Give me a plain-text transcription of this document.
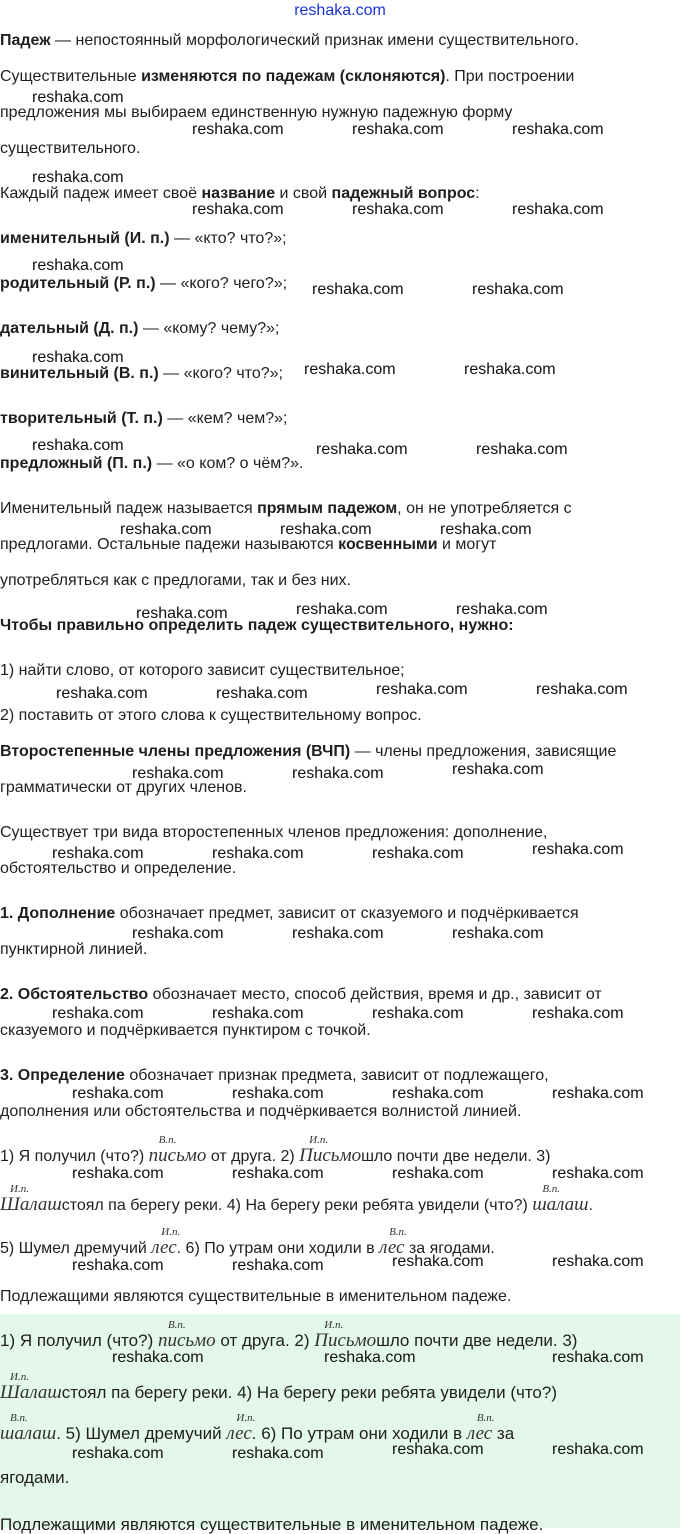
reshaka.com
Падеж — непостоянный морфологический признак имени существительного.
Существительные изменяются по падежам (склоняются). При построении
предложения мы выбираем единственную нужную падежную форму
существительного.
Каждый падеж имеет своё название и свой падежный вопрос:
именительный (И. п.) — «кто? что?»;
родительный (Р. п.) — «кого? чего?»;
дательный (Д. п.) — «кому? чему?»;
винительный (В. п.) — «кого? что?»;
творительный (Т. п.) — «кем? чем?»;
предложный (П. п.) — «о ком? о чём?».
Именительный падеж называется прямым падежом, он не употребляется с
предлогами. Остальные падежи называются косвенными и могут
употребляться как с предлогами, так и без них.
Чтобы правильно определить падеж существительного, нужно:
1) найти слово, от которого зависит существительное;
2) поставить от этого слова к существительному вопрос.
Второстепенные члены предложения (ВЧП) — члены предложения, зависящие
грамматически от других членов.
Существует три вида второстепенных членов предложения: дополнение,
обстоятельство и определение.
1. Дополнение обозначает предмет, зависит от сказуемого и подчёркивается
пунктирной линией.
2. Обстоятельство обозначает место, способ действия, время и др., зависит от
сказуемого и подчёркивается пунктиром с точкой.
3. Определение обозначает признак предмета, зависит от подлежащего,
дополнения или обстоятельства и подчёркивается волнистой линией.
1) Я получил (что?)
В.п.
письмо от друга. 2)
И.п.
Письмошло почти две недели. 3)
И.п.
Шалашстоял па берегу реки. 4) На берегу реки ребята увидели (что?)
В.п.
шалаш.
5) Шумел дремучий
И.п.
лес. 6) По утрам они ходили в
В.п.
лес за ягодами.
Подлежащими являются существительные в именительном падеже.
1) Я получил (что?)
В.п.
письмо от друга. 2)
И.п.
Письмошло почти две недели. 3)
И.п.
Шалашстоял па берегу реки. 4) На берегу реки ребята увидели (что?)
В.п.
шалаш. 5) Шумел дремучий
И.п.
лес. 6) По утрам они ходили в
В.п.
лес за
ягодами.
Подлежащими являются существительные в именительном падеже.
reshaka.com
reshaka.com	reshaka.com	reshaka.com
reshaka.com
reshaka.com	reshaka.com	reshaka.com
reshaka.com
reshaka.com	reshaka.com
reshaka.com
reshaka.com	reshaka.com
reshaka.com	reshaka.com	reshaka.com
reshaka.com	reshaka.com	reshaka.com
reshaka.com	reshaka.com	reshaka.com
reshaka.com	reshaka.com	reshaka.com	reshaka.com
reshaka.com	reshaka.com	reshaka.com
reshaka.com	reshaka.com	reshaka.com	reshaka.com
reshaka.com	reshaka.com	reshaka.com
reshaka.com	reshaka.com	reshaka.com	reshaka.com
reshaka.com	reshaka.com	reshaka.com	reshaka.com
reshaka.com	reshaka.com	reshaka.com	reshaka.com
reshaka.com	reshaka.com	reshaka.com	reshaka.com
reshaka.com	reshaka.com	reshaka.com
reshaka.com	reshaka.com	reshaka.com	reshaka.com
